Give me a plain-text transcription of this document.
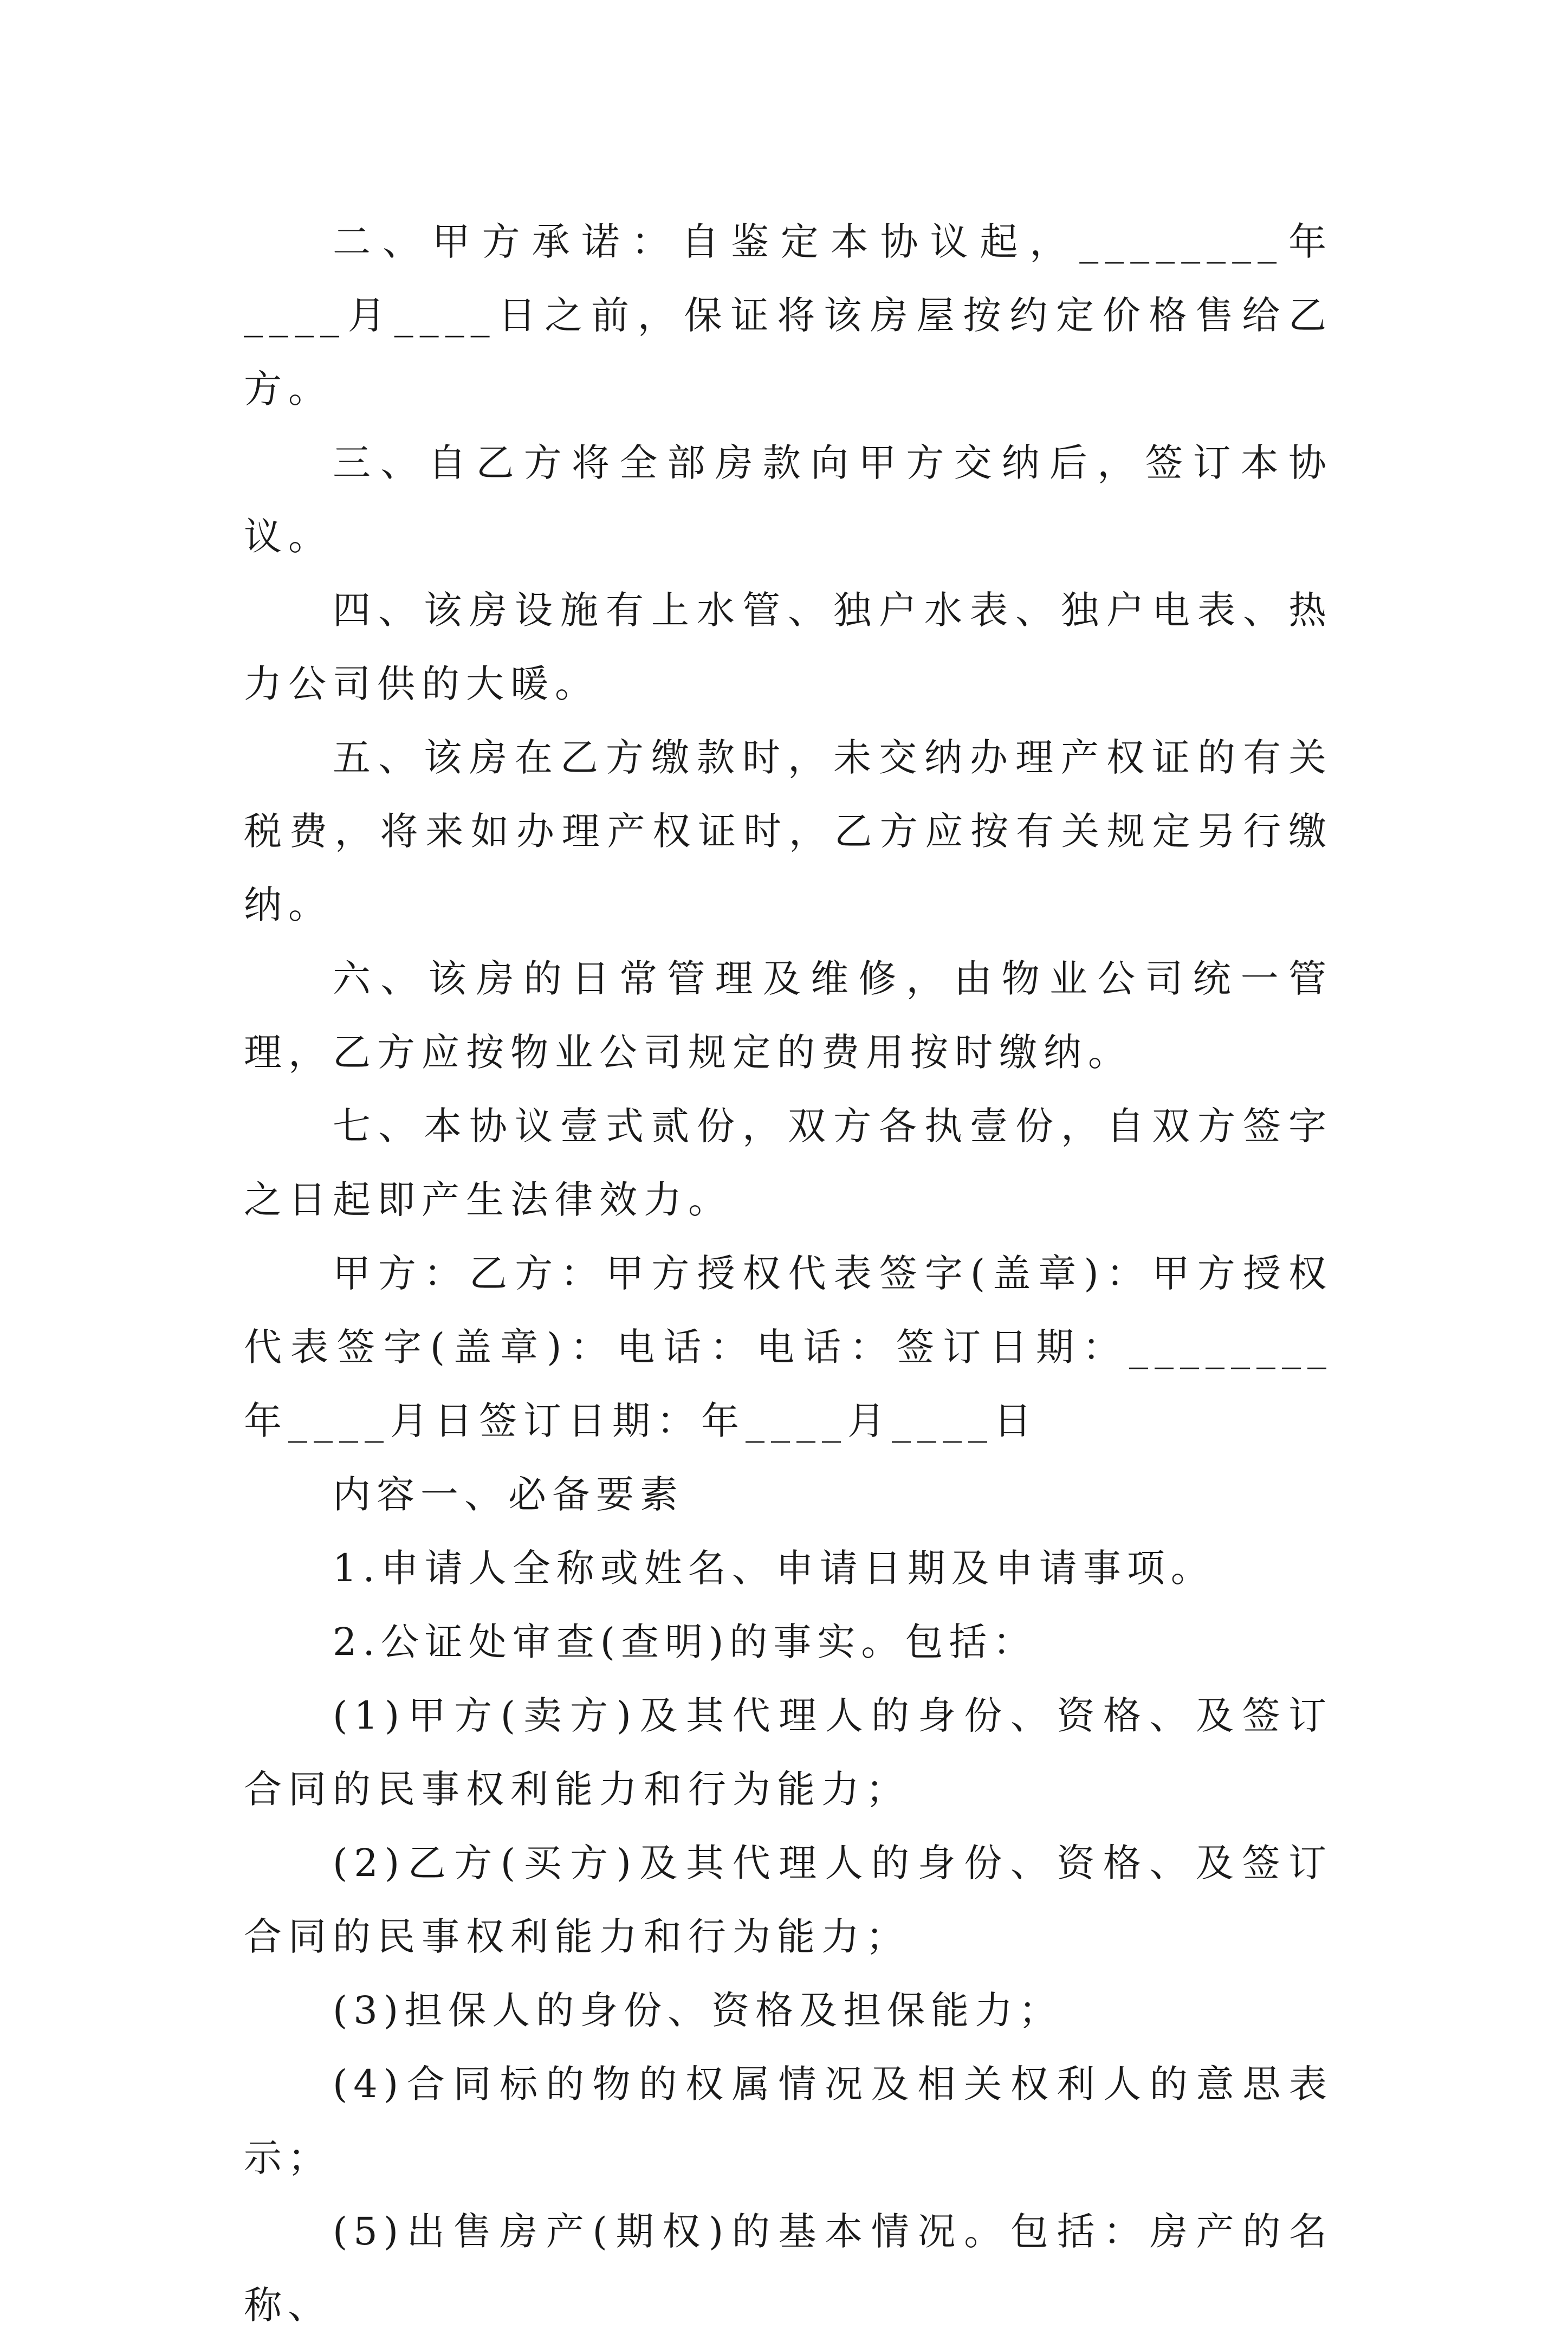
二、甲方承诺：自鉴定本协议起，________年____月____日之前，保证将该房屋按约定价格售给乙方。

三、自乙方将全部房款向甲方交纳后，签订本协议。

四、该房设施有上水管、独户水表、独户电表、热力公司供的大暖。

五、该房在乙方缴款时，未交纳办理产权证的有关税费，将来如办理产权证时，乙方应按有关规定另行缴纳。

六、该房的日常管理及维修，由物业公司统一管理，乙方应按物业公司规定的费用按时缴纳。

七、本协议壹式贰份，双方各执壹份，自双方签字之日起即产生法律效力。

甲方：乙方：甲方授权代表签字(盖章)：甲方授权代表签字(盖章)：电话：电话：签订日期：________年____月日签订日期：年____月____日

内容一、必备要素

1.申请人全称或姓名、申请日期及申请事项。

2.公证处审查(查明)的事实。包括：

(1)甲方(卖方)及其代理人的身份、资格、及签订合同的民事权利能力和行为能力；

(2)乙方(买方)及其代理人的身份、资格、及签订合同的民事权利能力和行为能力；

(3)担保人的身份、资格及担保能力；

(4)合同标的物的权属情况及相关权利人的意思表示；

(5)出售房产(期权)的基本情况。包括：房产的名称、
